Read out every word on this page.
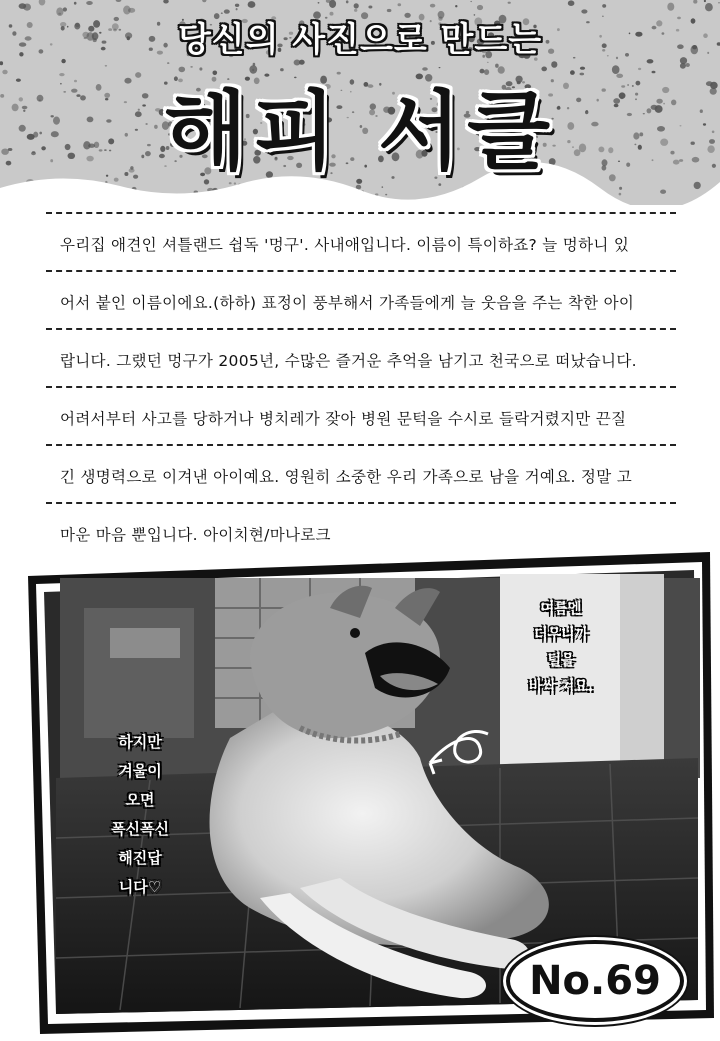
당신의 사진으로 만드는
해피 서클
우리집 애견인 셔틀랜드 쉽독 '멍구'. 사내애입니다. 이름이 특이하죠? 늘 멍하니 있
어서 붙인 이름이에요.(하하) 표정이 풍부해서 가족들에게 늘 웃음을 주는 착한 아이
랍니다. 그랬던 멍구가 2005년, 수많은 즐거운 추억을 남기고 천국으로 떠났습니다.
어려서부터 사고를 당하거나 병치레가 잦아 병원 문턱을 수시로 들락거렸지만 끈질
긴 생명력으로 이겨낸 아이예요. 영원히 소중한 우리 가족으로 남을 거예요. 정말 고
마운 마음 뿐입니다. 아이치현/마나로크
여름엔
더우니까
털을
바싹 쳐요.
하지만
겨울이
오면
폭신폭신
해진답
니다♡
No.69
